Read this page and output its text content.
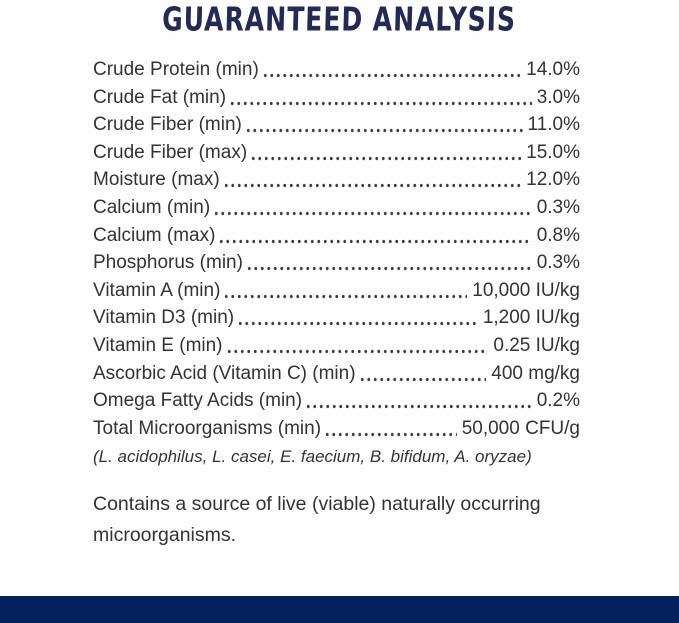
GUARANTEED ANALYSIS
Crude Protein (min)	14.0%
Crude Fat (min)	3.0%
Crude Fiber (min)	11.0%
Crude Fiber (max)	15.0%
Moisture (max)	12.0%
Calcium (min)	0.3%
Calcium (max)	0.8%
Phosphorus (min)	0.3%
Vitamin A (min)	10,000 IU/kg
Vitamin D3 (min)	1,200 IU/kg
Vitamin E (min)	0.25 IU/kg
Ascorbic Acid (Vitamin C) (min)	400 mg/kg
Omega Fatty Acids (min)	0.2%
Total Microorganisms (min)	50,000 CFU/g
(L. acidophilus, L. casei, E. faecium, B. bifidum, A. oryzae)
Contains a source of live (viable) naturally occurring microorganisms.
